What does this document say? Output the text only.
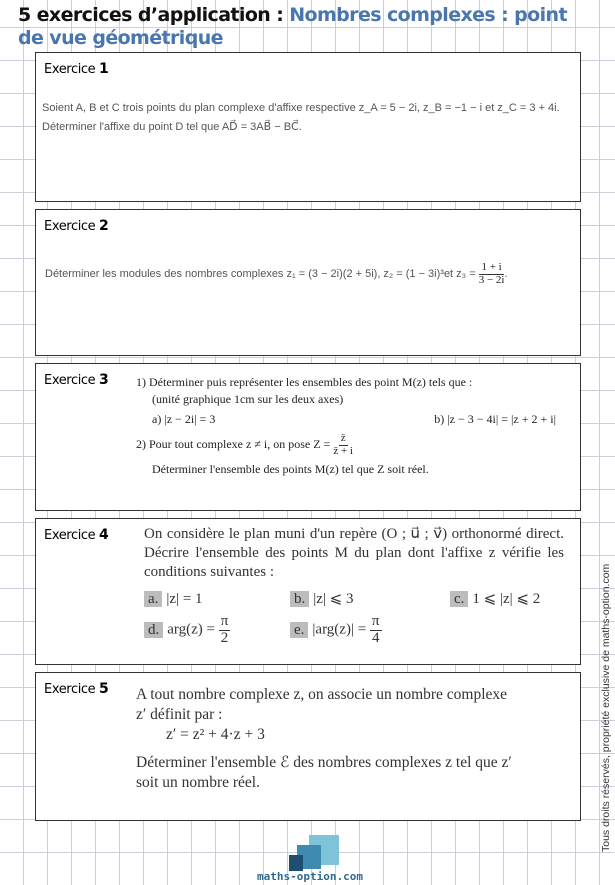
5 exercices d’application : Nombres complexes : point de vue géométrique
Exercice 1
Soient A, B et C trois points du plan complexe d'affixe respective z_A = 5 − 2i, z_B = −1 − i et z_C = 3 + 4i.
Déterminer l'affixe du point D tel que AD⃗ = 3AB⃗ − BC⃗.
Exercice 2
Déterminer les modules des nombres complexes z₁ = (3 − 2i)(2 + 5i), z₂ = (1 − 3i)³et $z_3 = \frac{1 + i}{3 - 2i}$ .
Exercice 3 1) Déterminer puis représenter les ensembles des point M(z) tels que :
(unité graphique 1cm sur les deux axes)
a) |z − 2i| = 3	b) |z − 3 − 4i| = |z + 2 + i|
2) Pour tout complexe z ≠ i, on pose $Z = \frac{z̄}{z̄ + i}$
Déterminer l'ensemble des points M(z) tel que Z soit réel.
Exercice 4 On considère le plan muni d'un repère (O ; u⃗ ; v⃗) orthonormé direct. Décrire l'ensemble des points M du plan dont l'affixe z vérifie les conditions suivantes :
a. |z| = 1	b. |z| ⩽ 3	c. 1 ⩽ |z| ⩽ 2
d. $arg(z) = \frac{\pi}{2}$	e. $|arg(z)| = \frac{\pi}{4}$
Exercice 5 A tout nombre complexe z, on associe un nombre complexe
z′ définit par :
z′ = z² + 4·z + 3
Déterminer l'ensemble ℰ des nombres complexes z tel que z′
soit un nombre réel.	Tous droits réservés, propriété exclusive de maths-option.com
maths-option.com
